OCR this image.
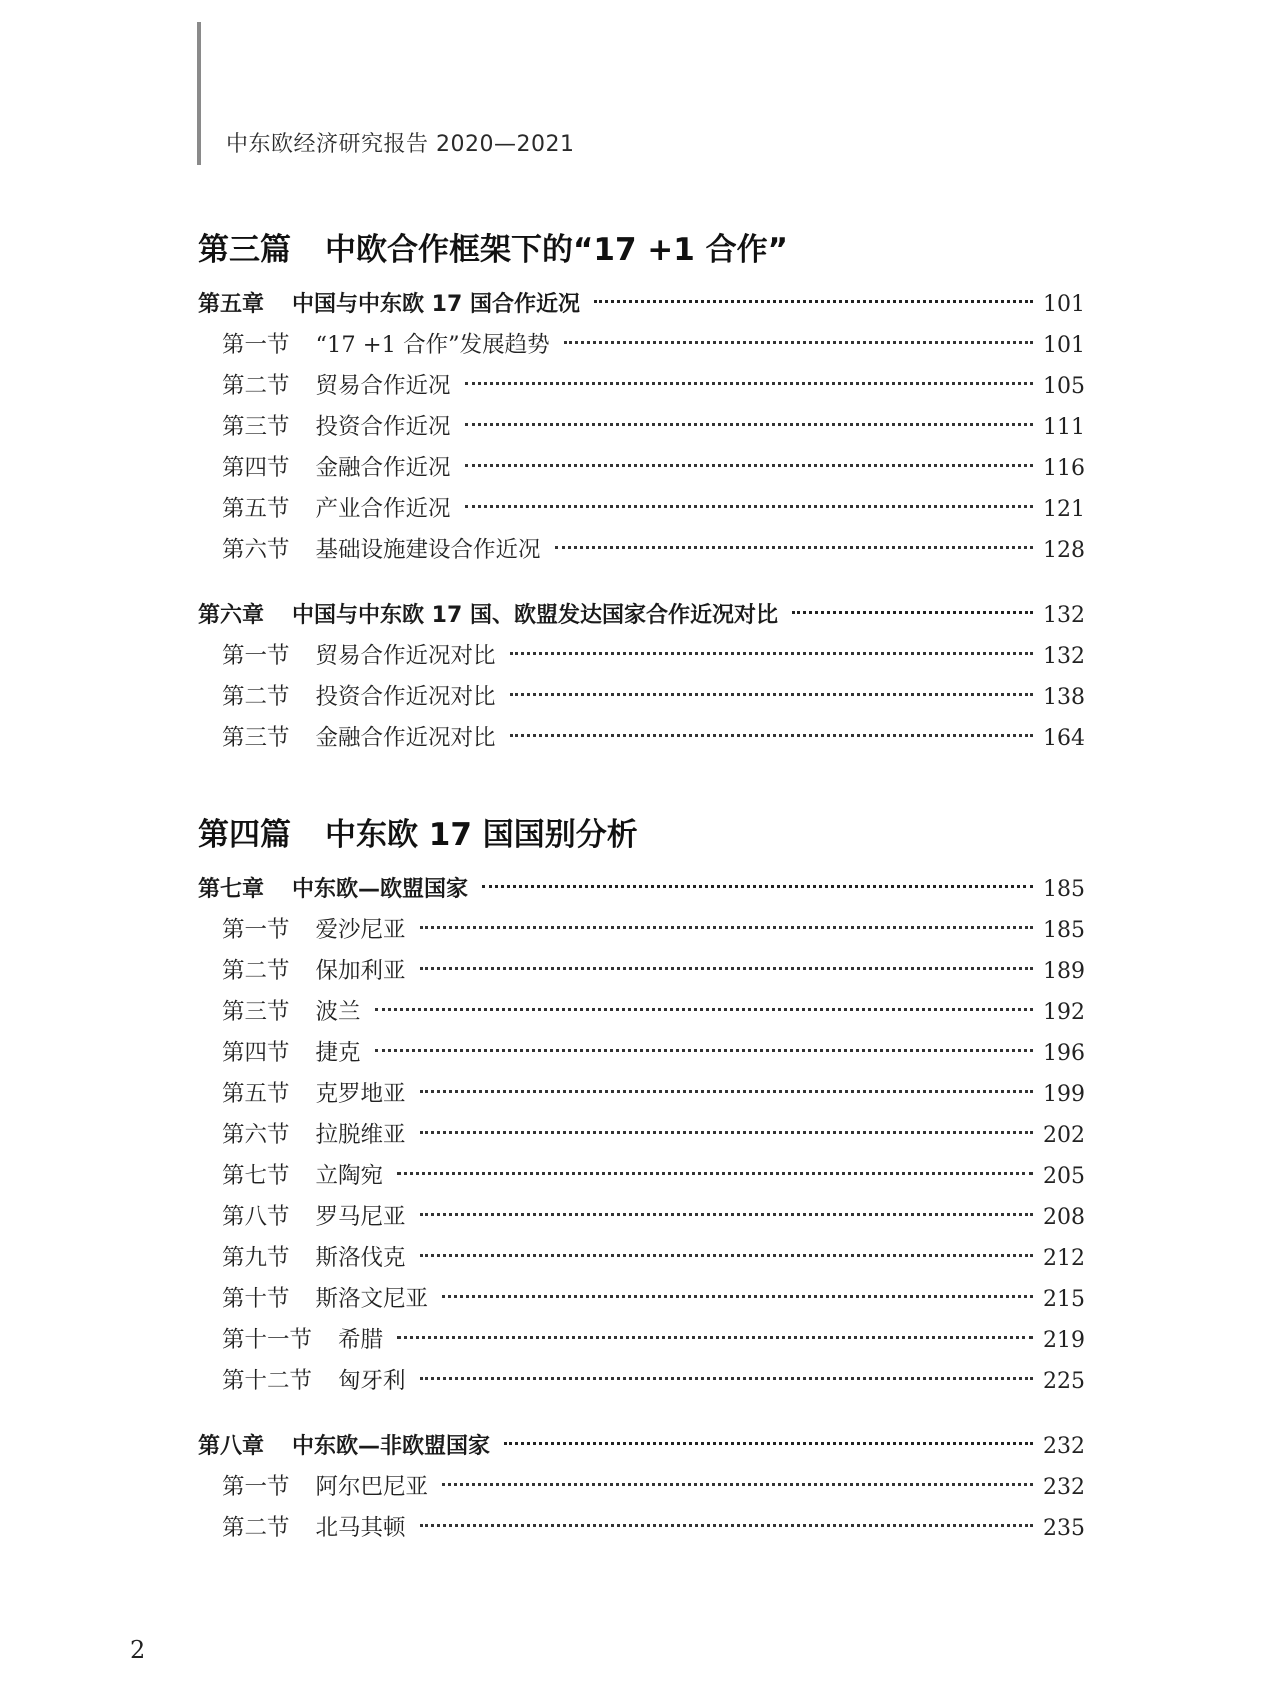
中东欧经济研究报告 2020—2021
第三篇 中欧合作框架下的“17 +1 合作”
第五章 中国与中东欧 17 国合作近况	101
第一节 “17 +1 合作”发展趋势	101
第二节 贸易合作近况	105
第三节 投资合作近况	111
第四节 金融合作近况	116
第五节 产业合作近况	121
第六节 基础设施建设合作近况	128
第六章 中国与中东欧 17 国、欧盟发达国家合作近况对比	132
第一节 贸易合作近况对比	132
第二节 投资合作近况对比	138
第三节 金融合作近况对比	164
第四篇 中东欧 17 国国别分析
第七章 中东欧—欧盟国家	185
第一节 爱沙尼亚	185
第二节 保加利亚	189
第三节 波兰	192
第四节 捷克	196
第五节 克罗地亚	199
第六节 拉脱维亚	202
第七节 立陶宛	205
第八节 罗马尼亚	208
第九节 斯洛伐克	212
第十节 斯洛文尼亚	215
第十一节 希腊	219
第十二节 匈牙利	225
第八章 中东欧—非欧盟国家	232
第一节 阿尔巴尼亚	232
第二节 北马其顿	235
2
